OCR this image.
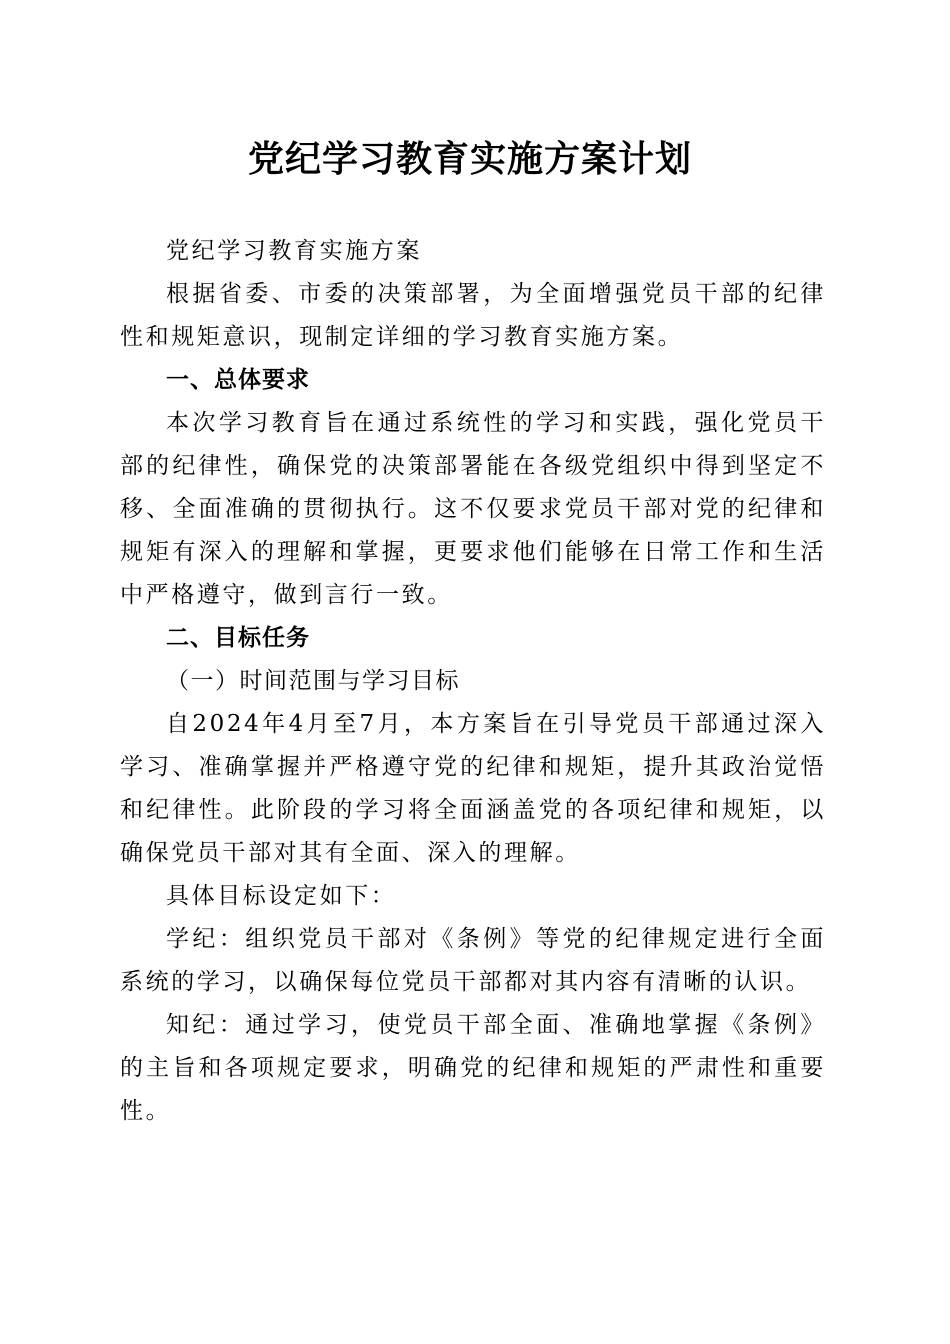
党纪学习教育实施方案计划

党纪学习教育实施方案

根据省委、市委的决策部署，为全面增强党员干部的纪律性和规矩意识，现制定详细的学习教育实施方案。

一、总体要求

本次学习教育旨在通过系统性的学习和实践，强化党员干部的纪律性，确保党的决策部署能在各级党组织中得到坚定不移、全面准确的贯彻执行。这不仅要求党员干部对党的纪律和规矩有深入的理解和掌握，更要求他们能够在日常工作和生活中严格遵守，做到言行一致。

二、目标任务

（一）时间范围与学习目标

自2024年4月至7月，本方案旨在引导党员干部通过深入学习、准确掌握并严格遵守党的纪律和规矩，提升其政治觉悟和纪律性。此阶段的学习将全面涵盖党的各项纪律和规矩，以确保党员干部对其有全面、深入的理解。

具体目标设定如下：

学纪：组织党员干部对《条例》等党的纪律规定进行全面系统的学习，以确保每位党员干部都对其内容有清晰的认识。

知纪：通过学习，使党员干部全面、准确地掌握《条例》的主旨和各项规定要求，明确党的纪律和规矩的严肃性和重要性。
